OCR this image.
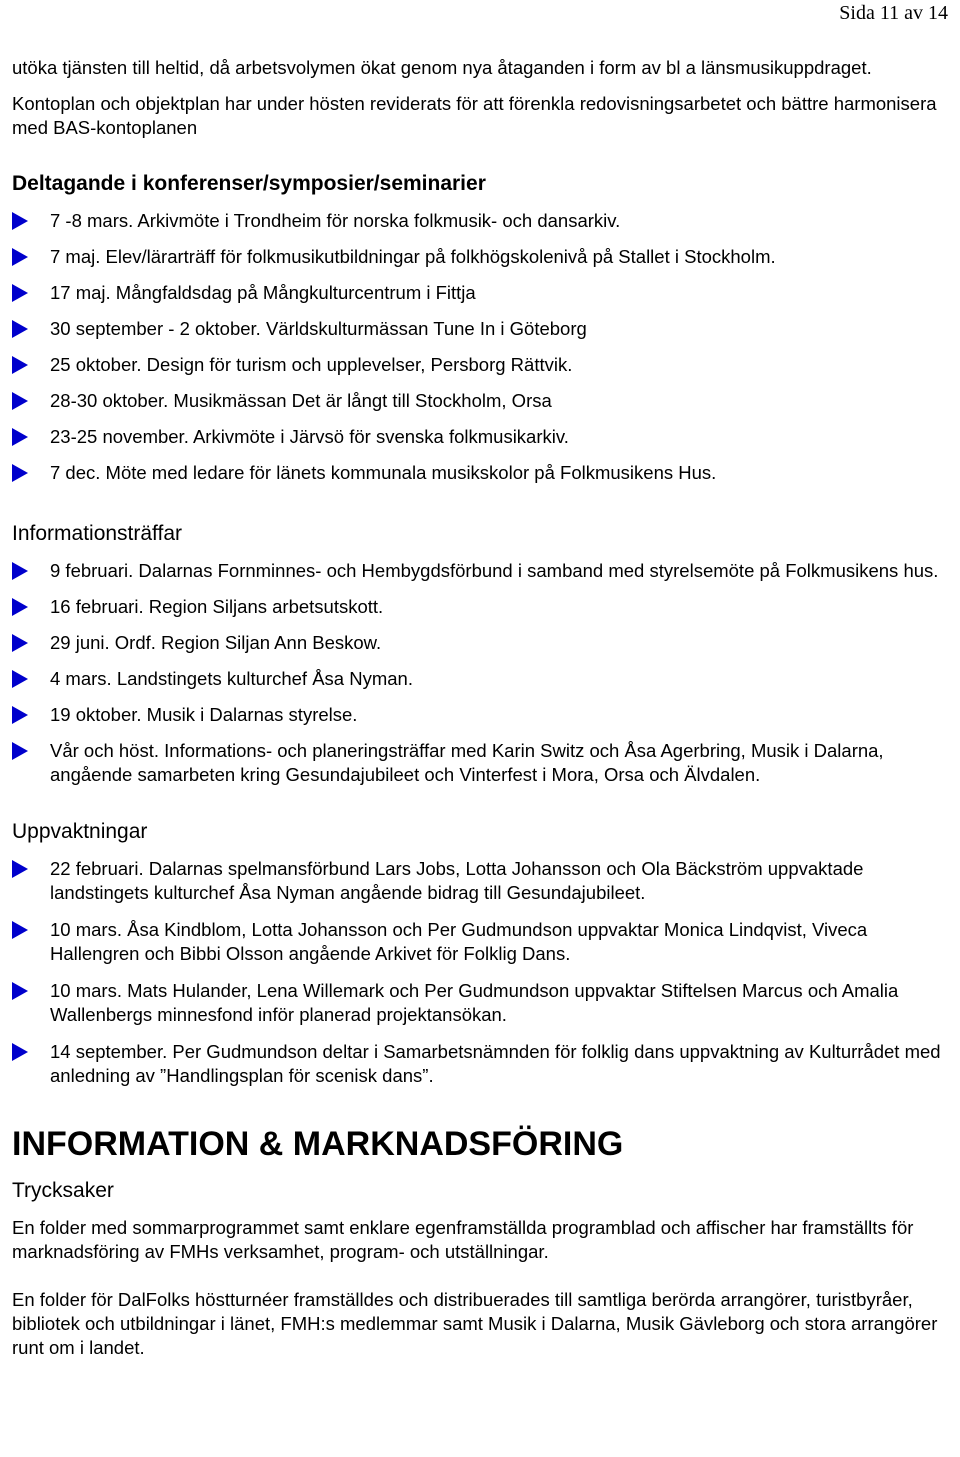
Sida 11 av 14

utöka tjänsten till heltid, då arbetsvolymen ökat genom nya åtaganden i form av bl a länsmusikuppdraget.

Kontoplan och objektplan har under hösten reviderats för att förenkla redovisningsarbetet och bättre harmonisera med BAS-kontoplanen

Deltagande i konferenser/symposier/seminarier
7 -8 mars. Arkivmöte i Trondheim för norska folkmusik- och dansarkiv.
7 maj. Elev/lärarträff för folkmusikutbildningar på folkhögskolenivå på Stallet i Stockholm.
17 maj. Mångfaldsdag på Mångkulturcentrum i Fittja
30 september - 2 oktober. Världskulturmässan Tune In i Göteborg
25 oktober. Design för turism och upplevelser, Persborg Rättvik.
28-30 oktober. Musikmässan Det är långt till Stockholm, Orsa
23-25 november. Arkivmöte i Järvsö för svenska folkmusikarkiv.
7 dec. Möte med ledare för länets kommunala musikskolor på Folkmusikens Hus.
Informationsträffar
9 februari. Dalarnas Fornminnes- och Hembygdsförbund i samband med styrelsemöte på Folkmusikens hus.
16 februari. Region Siljans arbetsutskott.
29 juni. Ordf. Region Siljan Ann Beskow.
4 mars. Landstingets kulturchef Åsa Nyman.
19 oktober. Musik i Dalarnas styrelse.
Vår och höst. Informations- och planeringsträffar med Karin Switz och Åsa Agerbring, Musik i Dalarna, angående samarbeten kring Gesundajubileet och Vinterfest i Mora, Orsa och Älvdalen.
Uppvaktningar
22 februari. Dalarnas spelmansförbund Lars Jobs, Lotta Johansson och Ola Bäckström uppvaktade landstingets kulturchef Åsa Nyman angående bidrag till Gesundajubileet.
10 mars. Åsa Kindblom, Lotta Johansson och Per Gudmundson uppvaktar Monica Lindqvist, Viveca Hallengren och Bibbi Olsson angående Arkivet för Folklig Dans.
10 mars. Mats Hulander, Lena Willemark och Per Gudmundson uppvaktar Stiftelsen Marcus och Amalia Wallenbergs minnesfond inför planerad projektansökan.
14 september. Per Gudmundson deltar i Samarbetsnämnden för folklig dans uppvaktning av Kulturrådet med anledning av ”Handlingsplan för scenisk dans”.
INFORMATION & MARKNADSFÖRING
Trycksaker

En folder med sommarprogrammet samt enklare egenframställda programblad och affischer har framställts för marknadsföring av FMHs verksamhet, program- och utställningar.

En folder för DalFolks höstturnéer framställdes och distribuerades till samtliga berörda arrangörer, turistbyråer, bibliotek och utbildningar i länet, FMH:s medlemmar samt Musik i Dalarna, Musik Gävleborg och stora arrangörer runt om i landet.
